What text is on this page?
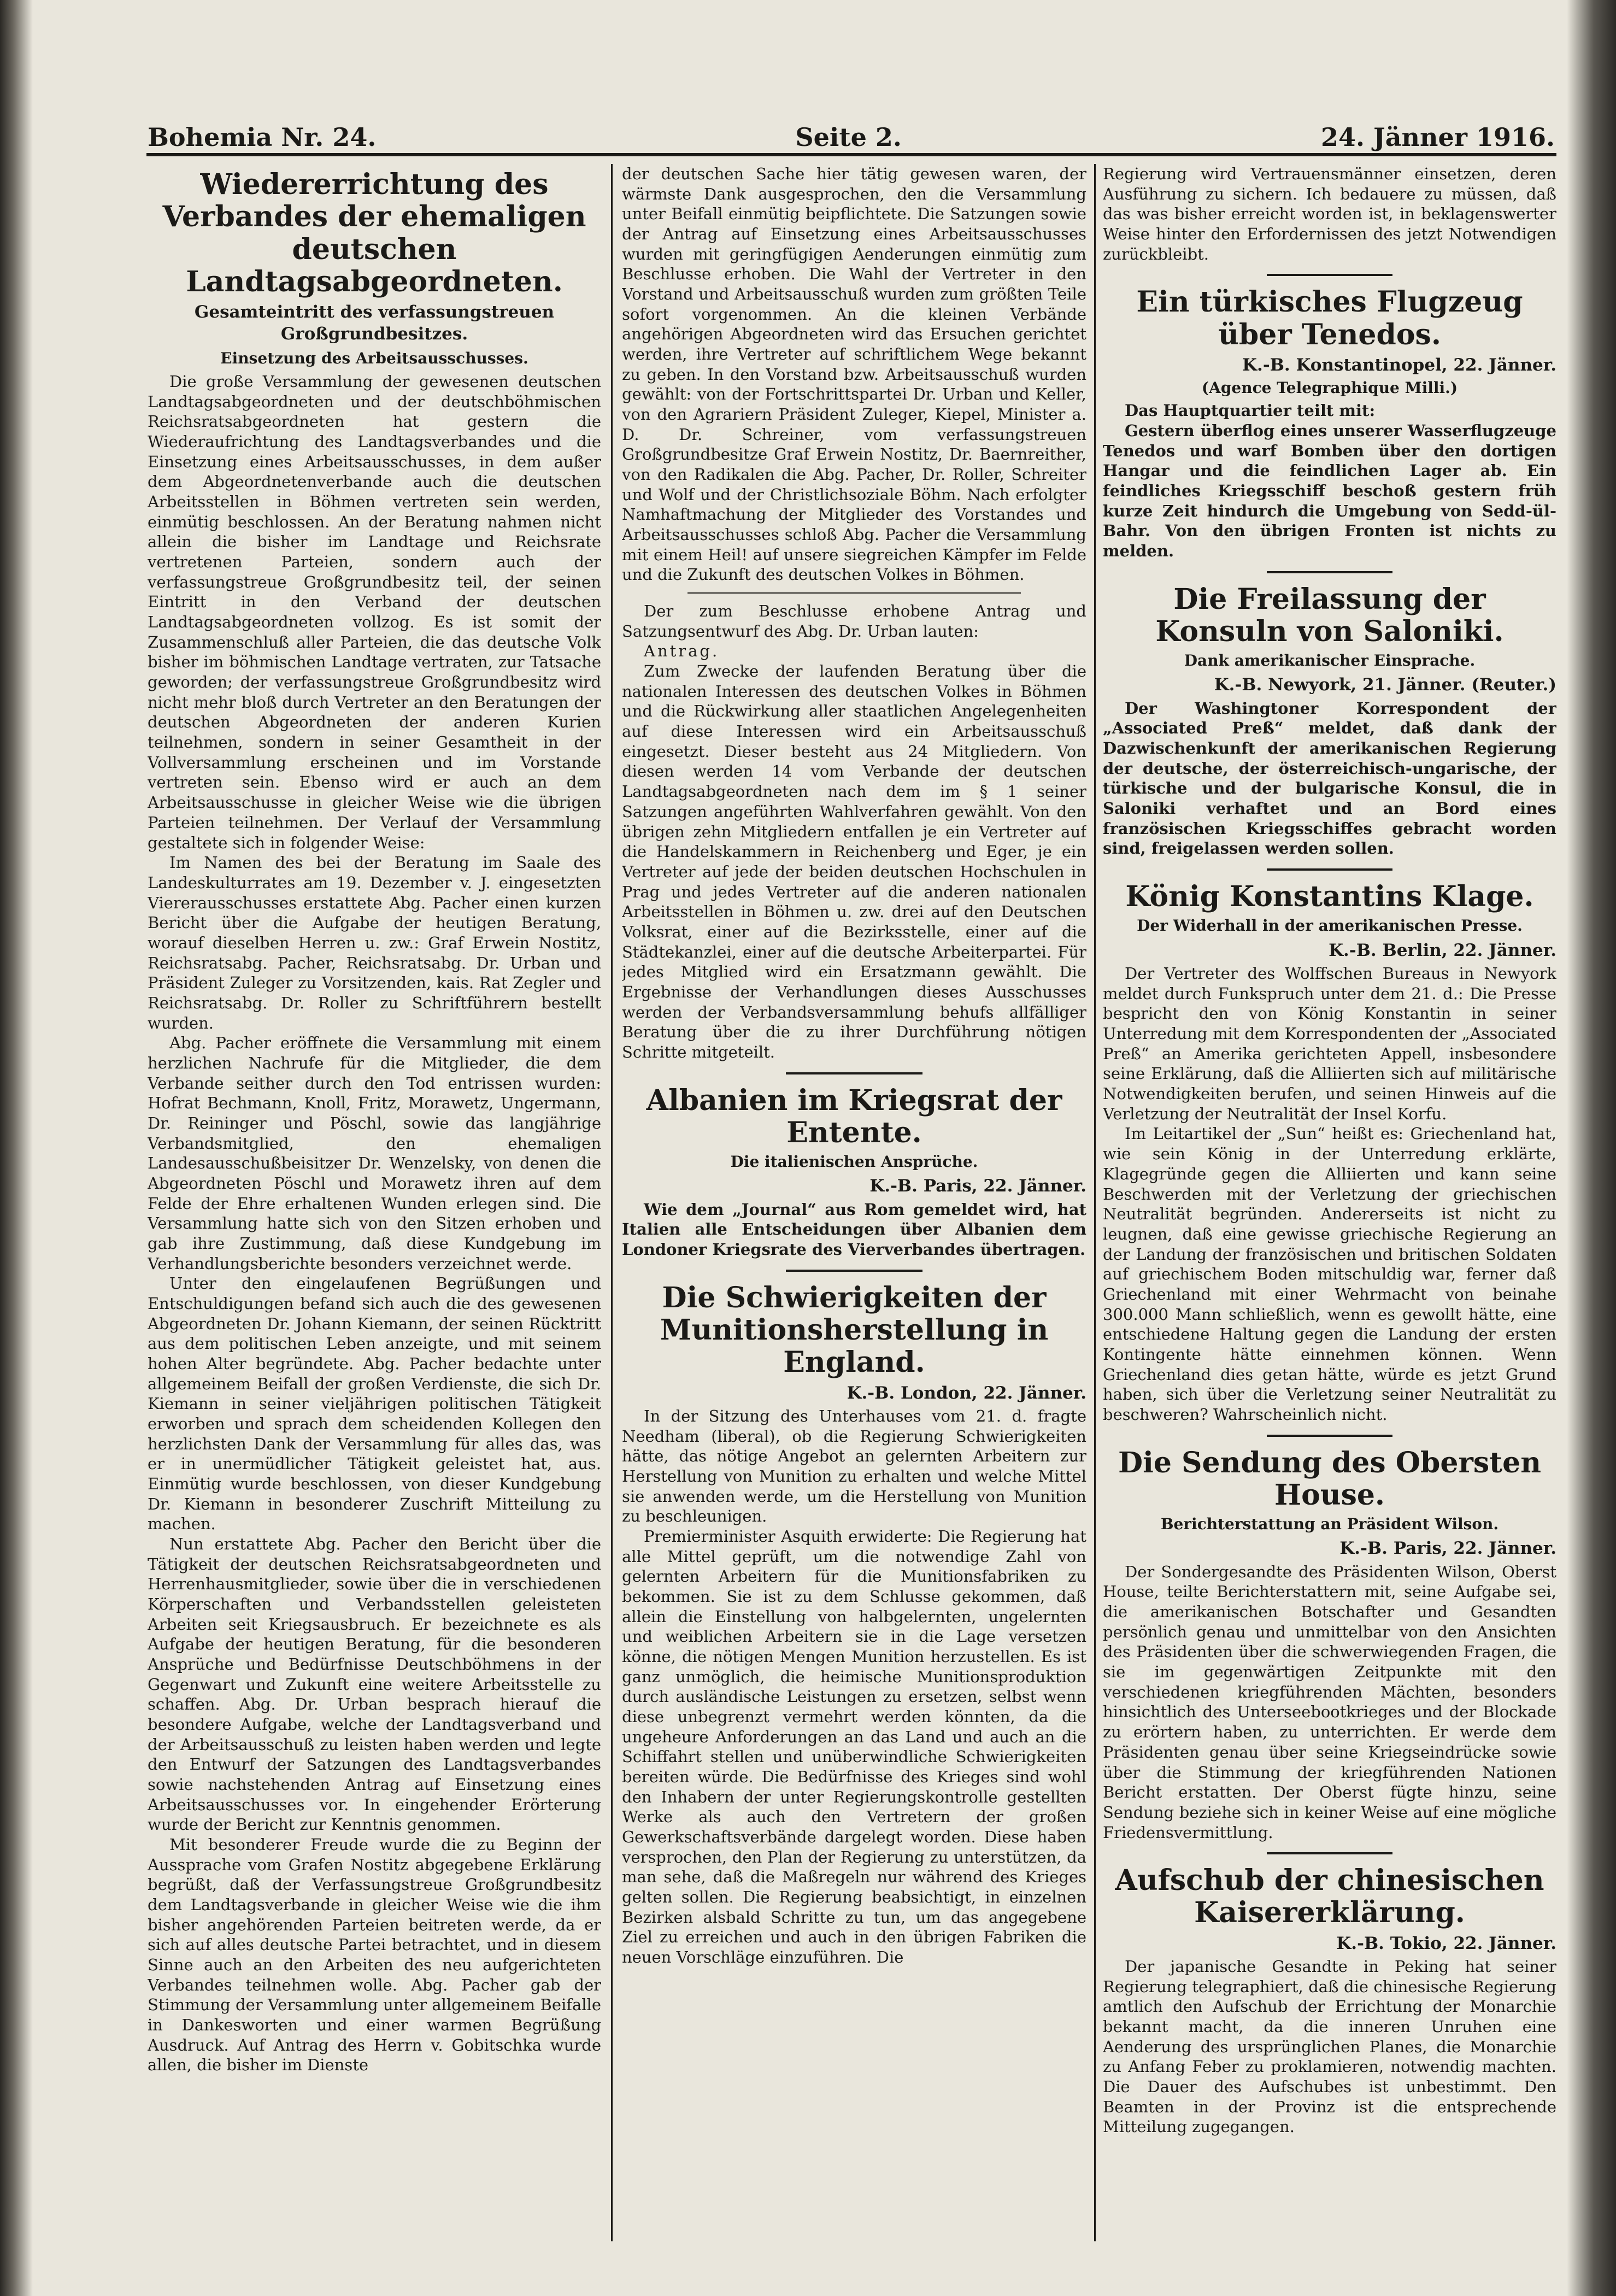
Bohemia Nr. 24.	Seite 2.	24. Jänner 1916.
Wiedererrichtung des Verbandes der ehemaligen deutschen Landtagsabgeordneten.
Gesamteintritt des verfassungstreuen Großgrundbesitzes.
Einsetzung des Arbeitsausschusses.

Die große Versammlung der gewesenen deutschen Landtagsabgeordneten und der deutschböhmischen Reichsratsabgeordneten hat gestern die Wiederaufrichtung des Landtagsverbandes und die Einsetzung eines Arbeitsausschusses, in dem außer dem Abgeordnetenverbande auch die deutschen Arbeitsstellen in Böhmen vertreten sein werden, einmütig beschlossen. An der Beratung nahmen nicht allein die bisher im Landtage und Reichsrate vertretenen Parteien, sondern auch der verfassungstreue Großgrundbesitz teil, der seinen Eintritt in den Verband der deutschen Landtagsabgeordneten vollzog. Es ist somit der Zusammenschluß aller Parteien, die das deutsche Volk bisher im böhmischen Landtage vertraten, zur Tatsache geworden; der verfassungstreue Großgrundbesitz wird nicht mehr bloß durch Vertreter an den Beratungen der deutschen Abgeordneten der anderen Kurien teilnehmen, sondern in seiner Gesamtheit in der Vollversammlung erscheinen und im Vorstande vertreten sein. Ebenso wird er auch an dem Arbeitsausschusse in gleicher Weise wie die übrigen Parteien teilnehmen. Der Verlauf der Versammlung gestaltete sich in folgender Weise:

Im Namen des bei der Beratung im Saale des Landeskulturrates am 19. Dezember v. J. eingesetzten Viererausschusses erstattete Abg. Pacher einen kurzen Bericht über die Aufgabe der heutigen Beratung, worauf dieselben Herren u. zw.: Graf Erwein Nostitz, Reichsratsabg. Pacher, Reichsratsabg. Dr. Urban und Präsident Zuleger zu Vorsitzenden, kais. Rat Zegler und Reichsratsabg. Dr. Roller zu Schriftführern bestellt wurden.

Abg. Pacher eröffnete die Versammlung mit einem herzlichen Nachrufe für die Mitglieder, die dem Verbande seither durch den Tod entrissen wurden: Hofrat Bechmann, Knoll, Fritz, Morawetz, Ungermann, Dr. Reininger und Pöschl, sowie das langjährige Verbandsmitglied, den ehemaligen Landesausschußbeisitzer Dr. Wenzelsky, von denen die Abgeordneten Pöschl und Morawetz ihren auf dem Felde der Ehre erhaltenen Wunden erlegen sind. Die Versammlung hatte sich von den Sitzen erhoben und gab ihre Zustimmung, daß diese Kundgebung im Verhandlungsberichte besonders verzeichnet werde.

Unter den eingelaufenen Begrüßungen und Entschuldigungen befand sich auch die des gewesenen Abgeordneten Dr. Johann Kiemann, der seinen Rücktritt aus dem politischen Leben anzeigte, und mit seinem hohen Alter begründete. Abg. Pacher bedachte unter allgemeinem Beifall der großen Verdienste, die sich Dr. Kiemann in seiner vieljährigen politischen Tätigkeit erworben und sprach dem scheidenden Kollegen den herzlichsten Dank der Versammlung für alles das, was er in unermüdlicher Tätigkeit geleistet hat, aus. Einmütig wurde beschlossen, von dieser Kundgebung Dr. Kiemann in besonderer Zuschrift Mitteilung zu machen.

Nun erstattete Abg. Pacher den Bericht über die Tätigkeit der deutschen Reichsratsabgeordneten und Herrenhausmitglieder, sowie über die in verschiedenen Körperschaften und Verbandsstellen geleisteten Arbeiten seit Kriegsausbruch. Er bezeichnete es als Aufgabe der heutigen Beratung, für die besonderen Ansprüche und Bedürfnisse Deutschböhmens in der Gegenwart und Zukunft eine weitere Arbeitsstelle zu schaffen. Abg. Dr. Urban besprach hierauf die besondere Aufgabe, welche der Landtagsverband und der Arbeitsausschuß zu leisten haben werden und legte den Entwurf der Satzungen des Landtagsverbandes sowie nachstehenden Antrag auf Einsetzung eines Arbeitsausschusses vor. In eingehender Erörterung wurde der Bericht zur Kenntnis genommen.

Mit besonderer Freude wurde die zu Beginn der Aussprache vom Grafen Nostitz abgegebene Erklärung begrüßt, daß der Verfassungstreue Großgrundbesitz dem Landtagsverbande in gleicher Weise wie die ihm bisher angehörenden Parteien beitreten werde, da er sich auf alles deutsche Partei betrachtet, und in diesem Sinne auch an den Arbeiten des neu aufgerichteten Verbandes teilnehmen wolle. Abg. Pacher gab der Stimmung der Versammlung unter allgemeinem Beifalle in Dankesworten und einer warmen Begrüßung Ausdruck. Auf Antrag des Herrn v. Gobitschka wurde allen, die bisher im Dienste

der deutschen Sache hier tätig gewesen waren, der wärmste Dank ausgesprochen, den die Versammlung unter Beifall einmütig beipflichtete. Die Satzungen sowie der Antrag auf Einsetzung eines Arbeitsausschusses wurden mit geringfügigen Aenderungen einmütig zum Beschlusse erhoben. Die Wahl der Vertreter in den Vorstand und Arbeitsausschuß wurden zum größten Teile sofort vorgenommen. An die kleinen Verbände angehörigen Abgeordneten wird das Ersuchen gerichtet werden, ihre Vertreter auf schriftlichem Wege bekannt zu geben. In den Vorstand bzw. Arbeitsausschuß wurden gewählt: von der Fortschrittspartei Dr. Urban und Keller, von den Agrariern Präsident Zuleger, Kiepel, Minister a. D. Dr. Schreiner, vom verfassungstreuen Großgrundbesitze Graf Erwein Nostitz, Dr. Baernreither, von den Radikalen die Abg. Pacher, Dr. Roller, Schreiter und Wolf und der Christlichsoziale Böhm. Nach erfolgter Namhaftmachung der Mitglieder des Vorstandes und Arbeitsausschusses schloß Abg. Pacher die Versammlung mit einem Heil! auf unsere siegreichen Kämpfer im Felde und die Zukunft des deutschen Volkes in Böhmen.

Der zum Beschlusse erhobene Antrag und Satzungsentwurf des Abg. Dr. Urban lauten:

Antrag.

Zum Zwecke der laufenden Beratung über die nationalen Interessen des deutschen Volkes in Böhmen und die Rückwirkung aller staatlichen Angelegenheiten auf diese Interessen wird ein Arbeitsausschuß eingesetzt. Dieser besteht aus 24 Mitgliedern. Von diesen werden 14 vom Verbande der deutschen Landtagsabgeordneten nach dem im § 1 seiner Satzungen angeführten Wahlverfahren gewählt. Von den übrigen zehn Mitgliedern entfallen je ein Vertreter auf die Handelskammern in Reichenberg und Eger, je ein Vertreter auf jede der beiden deutschen Hochschulen in Prag und jedes Vertreter auf die anderen nationalen Arbeitsstellen in Böhmen u. zw. drei auf den Deutschen Volksrat, einer auf die Bezirksstelle, einer auf die Städtekanzlei, einer auf die deutsche Arbeiterpartei. Für jedes Mitglied wird ein Ersatzmann gewählt. Die Ergebnisse der Verhandlungen dieses Ausschusses werden der Verbandsversammlung behufs allfälliger Beratung über die zu ihrer Durchführung nötigen Schritte mitgeteilt.

Albanien im Kriegsrat der Entente.
Die italienischen Ansprüche.
K.-B. Paris, 22. Jänner.

Wie dem „Journal“ aus Rom gemeldet wird, hat Italien alle Entscheidungen über Albanien dem Londoner Kriegsrate des Vierverbandes übertragen.

Die Schwierigkeiten der Munitionsherstellung in England.
K.-B. London, 22. Jänner.

In der Sitzung des Unterhauses vom 21. d. fragte Needham (liberal), ob die Regierung Schwierigkeiten hätte, das nötige Angebot an gelernten Arbeitern zur Herstellung von Munition zu erhalten und welche Mittel sie anwenden werde, um die Herstellung von Munition zu beschleunigen.

Premierminister Asquith erwiderte: Die Regierung hat alle Mittel geprüft, um die notwendige Zahl von gelernten Arbeitern für die Munitionsfabriken zu bekommen. Sie ist zu dem Schlusse gekommen, daß allein die Einstellung von halbgelernten, ungelernten und weiblichen Arbeitern sie in die Lage versetzen könne, die nötigen Mengen Munition herzustellen. Es ist ganz unmöglich, die heimische Munitionsproduktion durch ausländische Leistungen zu ersetzen, selbst wenn diese unbegrenzt vermehrt werden könnten, da die ungeheure Anforderungen an das Land und auch an die Schiffahrt stellen und unüberwindliche Schwierigkeiten bereiten würde. Die Bedürfnisse des Krieges sind wohl den Inhabern der unter Regierungskontrolle gestellten Werke als auch den Vertretern der großen Gewerkschaftsverbände dargelegt worden. Diese haben versprochen, den Plan der Regierung zu unterstützen, da man sehe, daß die Maßregeln nur während des Krieges gelten sollen. Die Regierung beabsichtigt, in einzelnen Bezirken alsbald Schritte zu tun, um das angegebene Ziel zu erreichen und auch in den übrigen Fabriken die neuen Vorschläge einzuführen. Die

Regierung wird Vertrauensmänner einsetzen, deren Ausführung zu sichern. Ich bedauere zu müssen, daß das was bisher erreicht worden ist, in beklagenswerter Weise hinter den Erfordernissen des jetzt Notwendigen zurückbleibt.

Ein türkisches Flugzeug über Tenedos.
K.-B. Konstantinopel, 22. Jänner.
(Agence Telegraphique Milli.)

Das Hauptquartier teilt mit:

Gestern überflog eines unserer Wasserflugzeuge Tenedos und warf Bomben über den dortigen Hangar und die feindlichen Lager ab. Ein feindliches Kriegsschiff beschoß gestern früh kurze Zeit hindurch die Umgebung von Sedd-ül-Bahr. Von den übrigen Fronten ist nichts zu melden.

Die Freilassung der Konsuln von Saloniki.
Dank amerikanischer Einsprache.
K.-B. Newyork, 21. Jänner. (Reuter.)

Der Washingtoner Korrespondent der „Associated Preß“ meldet, daß dank der Dazwischenkunft der amerikanischen Regierung der deutsche, der österreichisch-ungarische, der türkische und der bulgarische Konsul, die in Saloniki verhaftet und an Bord eines französischen Kriegsschiffes gebracht worden sind, freigelassen werden sollen.

König Konstantins Klage.
Der Widerhall in der amerikanischen Presse.
K.-B. Berlin, 22. Jänner.

Der Vertreter des Wolffschen Bureaus in Newyork meldet durch Funkspruch unter dem 21. d.: Die Presse bespricht den von König Konstantin in seiner Unterredung mit dem Korrespondenten der „Associated Preß“ an Amerika gerichteten Appell, insbesondere seine Erklärung, daß die Alliierten sich auf militärische Notwendigkeiten berufen, und seinen Hinweis auf die Verletzung der Neutralität der Insel Korfu.

Im Leitartikel der „Sun“ heißt es: Griechenland hat, wie sein König in der Unterredung erklärte, Klagegründe gegen die Alliierten und kann seine Beschwerden mit der Verletzung der griechischen Neutralität begründen. Andererseits ist nicht zu leugnen, daß eine gewisse griechische Regierung an der Landung der französischen und britischen Soldaten auf griechischem Boden mitschuldig war, ferner daß Griechenland mit einer Wehrmacht von beinahe 300.000 Mann schließlich, wenn es gewollt hätte, eine entschiedene Haltung gegen die Landung der ersten Kontingente hätte einnehmen können. Wenn Griechenland dies getan hätte, würde es jetzt Grund haben, sich über die Verletzung seiner Neutralität zu beschweren? Wahrscheinlich nicht.

Die Sendung des Obersten House.
Berichterstattung an Präsident Wilson.
K.-B. Paris, 22. Jänner.

Der Sondergesandte des Präsidenten Wilson, Oberst House, teilte Berichterstattern mit, seine Aufgabe sei, die amerikanischen Botschafter und Gesandten persönlich genau und unmittelbar von den Ansichten des Präsidenten über die schwerwiegenden Fragen, die sie im gegenwärtigen Zeitpunkte mit den verschiedenen kriegführenden Mächten, besonders hinsichtlich des Unterseebootkrieges und der Blockade zu erörtern haben, zu unterrichten. Er werde dem Präsidenten genau über seine Kriegseindrücke sowie über die Stimmung der kriegführenden Nationen Bericht erstatten. Der Oberst fügte hinzu, seine Sendung beziehe sich in keiner Weise auf eine mögliche Friedensvermittlung.

Aufschub der chinesischen Kaisererklärung.
K.-B. Tokio, 22. Jänner.

Der japanische Gesandte in Peking hat seiner Regierung telegraphiert, daß die chinesische Regierung amtlich den Aufschub der Errichtung der Monarchie bekannt macht, da die inneren Unruhen eine Aenderung des ursprünglichen Planes, die Monarchie zu Anfang Feber zu proklamieren, notwendig machten. Die Dauer des Aufschubes ist unbestimmt. Den Beamten in der Provinz ist die entsprechende Mitteilung zugegangen.
